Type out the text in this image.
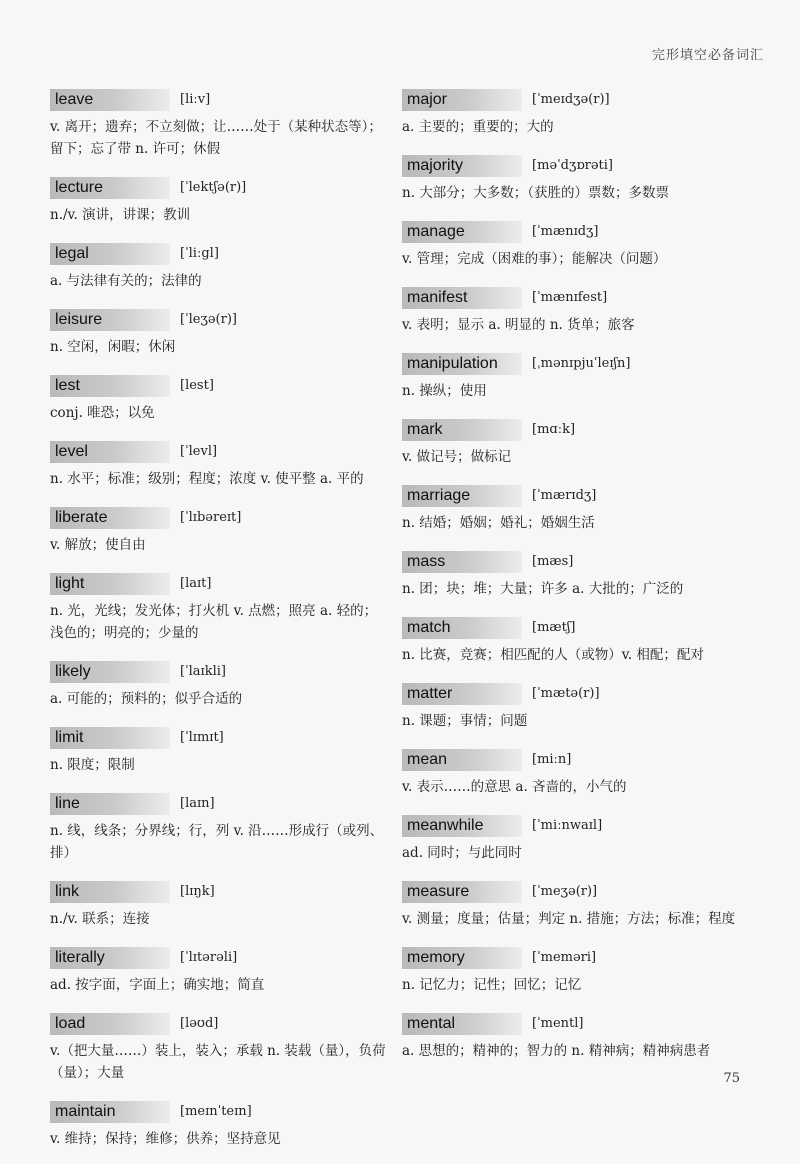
完形填空必备词汇
leave	[liːv]
v. 离开；遗弃；不立刻做；让……处于（某种状态等）；留下；忘了带 n. 许可；休假
lecture	[ˈlektʃə(r)]
n./v. 演讲，讲课；教训
legal	[ˈliːgl]
a. 与法律有关的；法律的
leisure	[ˈleʒə(r)]
n. 空闲，闲暇；休闲
lest	[lest]
conj. 唯恐；以免
level	[ˈlevl]
n. 水平；标准；级别；程度；浓度 v. 使平整 a. 平的
liberate	[ˈlɪbəreɪt]
v. 解放；使自由
light	[laɪt]
n. 光，光线；发光体；打火机 v. 点燃；照亮 a. 轻的；浅色的；明亮的；少量的
likely	[ˈlaɪkli]
a. 可能的；预料的；似乎合适的
limit	[ˈlɪmɪt]
n. 限度；限制
line	[laɪn]
n. 线，线条；分界线；行，列 v. 沿……形成行（或列、排）
link	[lɪŋk]
n./v. 联系；连接
literally	[ˈlɪtərəli]
ad. 按字面，字面上；确实地；简直
load	[ləʊd]
v.（把大量……）装上，装入；承载 n. 装载（量），负荷（量）；大量
maintain	[meɪnˈteɪn]
v. 维持；保持；维修；供养；坚持意见
major	[ˈmeɪdʒə(r)]
a. 主要的；重要的；大的
majority	[məˈdʒɒrəti]
n. 大部分；大多数；（获胜的）票数；多数票
manage	[ˈmænɪdʒ]
v. 管理；完成（困难的事）；能解决（问题）
manifest	[ˈmænɪfest]
v. 表明；显示 a. 明显的 n. 货单；旅客
manipulation	[ˌmənɪpjuˈleɪʃn]
n. 操纵；使用
mark	[mɑːk]
v. 做记号；做标记
marriage	[ˈmærɪdʒ]
n. 结婚；婚姻；婚礼；婚姻生活
mass	[mæs]
n. 团；块；堆；大量；许多 a. 大批的；广泛的
match	[mætʃ]
n. 比赛，竞赛；相匹配的人（或物）v. 相配；配对
matter	[ˈmætə(r)]
n. 课题；事情；问题
mean	[miːn]
v. 表示……的意思 a. 吝啬的，小气的
meanwhile	[ˈmiːnwaɪl]
ad. 同时；与此同时
measure	[ˈmeʒə(r)]
v. 测量；度量；估量；判定 n. 措施；方法；标准；程度
memory	[ˈmeməri]
n. 记忆力；记性；回忆；记忆
mental	[ˈmentl]
a. 思想的；精神的；智力的 n. 精神病；精神病患者
75
